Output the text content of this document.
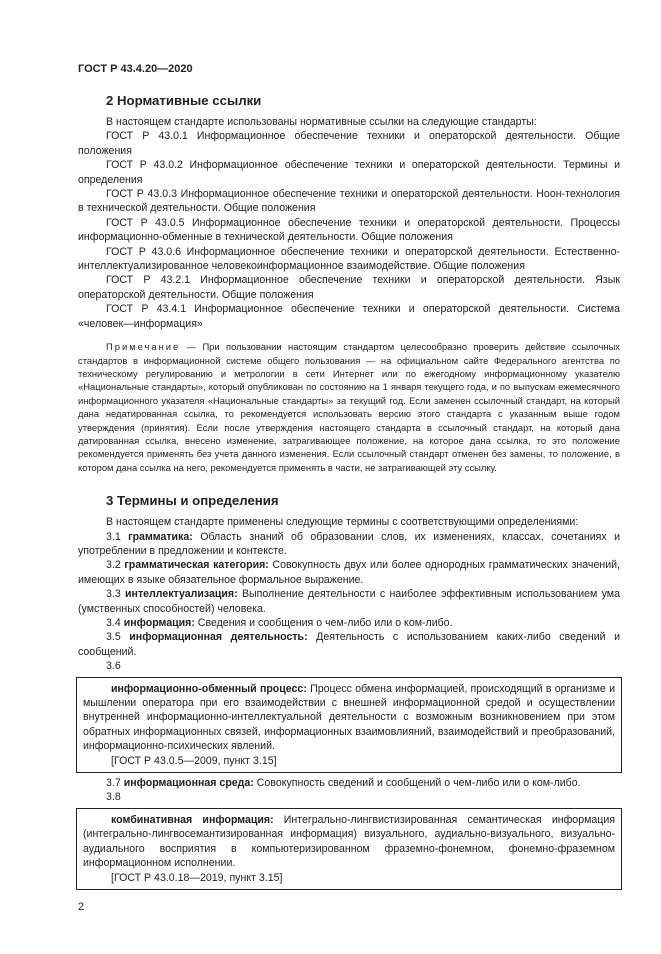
ГОСТ Р 43.4.20—2020
2 Нормативные ссылки

В настоящем стандарте использованы нормативные ссылки на следующие стандарты:

ГОСТ Р 43.0.1 Информационное обеспечение техники и операторской деятельности. Общие положения

ГОСТ Р 43.0.2 Информационное обеспечение техники и операторской деятельности. Термины и определения

ГОСТ Р 43.0.3 Информационное обеспечение техники и операторской деятельности. Ноон-технология в технической деятельности. Общие положения

ГОСТ Р 43.0.5 Информационное обеспечение техники и операторской деятельности. Процессы информационно-обменные в технической деятельности. Общие положения

ГОСТ Р 43.0.6 Информационное обеспечение техники и операторской деятельности. Естественно-интеллектуализированное человекоинформационное взаимодействие. Общие положения

ГОСТ Р 43.2.1 Информационное обеспечение техники и операторской деятельности. Язык операторской деятельности. Общие положения

ГОСТ Р 43.4.1 Информационное обеспечение техники и операторской деятельности. Система «человек—информация»

Примечание — При пользовании настоящим стандартом целесообразно проверить действие ссылочных стандартов в информационной системе общего пользования — на официальном сайте Федерального агентства по техническому регулированию и метрологии в сети Интернет или по ежегодному информационному указателю «Национальные стандарты», который опубликован по состоянию на 1 января текущего года, и по выпускам ежемесячного информационного указателя «Национальные стандарты» за текущий год. Если заменен ссылочный стандарт, на который дана недатированная ссылка, то рекомендуется использовать версию этого стандарта с указанным выше годом утверждения (принятия). Если после утверждения настоящего стандарта в ссылочный стандарт, на который дана датированная ссылка, внесено изменение, затрагивающее положение, на которое дана ссылка, то это положение рекомендуется применять без учета данного изменения. Если ссылочный стандарт отменен без замены, то положение, в котором дана ссылка на него, рекомендуется применять в части, не затрагивающей эту ссылку.

3 Термины и определения

В настоящем стандарте применены следующие термины с соответствующими определениями:

3.1 грамматика: Область знаний об образовании слов, их изменениях, классах, сочетаниях и употреблении в предложении и контексте.

3.2 грамматическая категория: Совокупность двух или более однородных грамматических значений, имеющих в языке обязательное формальное выражение.

3.3 интеллектуализация: Выполнение деятельности с наиболее эффективным использованием ума (умственных способностей) человека.

3.4 информация: Сведения и сообщения о чем-либо или о ком-либо.

3.5 информационная деятельность: Деятельность с использованием каких-либо сведений и сообщений.

3.6

информационно-обменный процесс: Процесс обмена информацией, происходящий в организме и мышлении оператора при его взаимодействии с внешней информационной средой и осуществлении внутренней информационно-интеллектуальной деятельности с возможным возникновением при этом обратных информационных связей, информационных взаимовлияний, взаимодействий и преобразований, информационно-психических явлений.

[ГОСТ Р 43.0.5—2009, пункт 3.15]

3.7 информационная среда: Совокупность сведений и сообщений о чем-либо или о ком-либо.

3.8

комбинативная информация: Интегрально-лингвистизированная семантическая информация (интегрально-лингвосемантизированная информация) визуального, аудиально-визуального, визуально-аудиального восприятия в компьютеризированном фраземно-фонемном, фонемно-фраземном информационном исполнении.

[ГОСТ Р 43.0.18—2019, пункт 3.15]

2
